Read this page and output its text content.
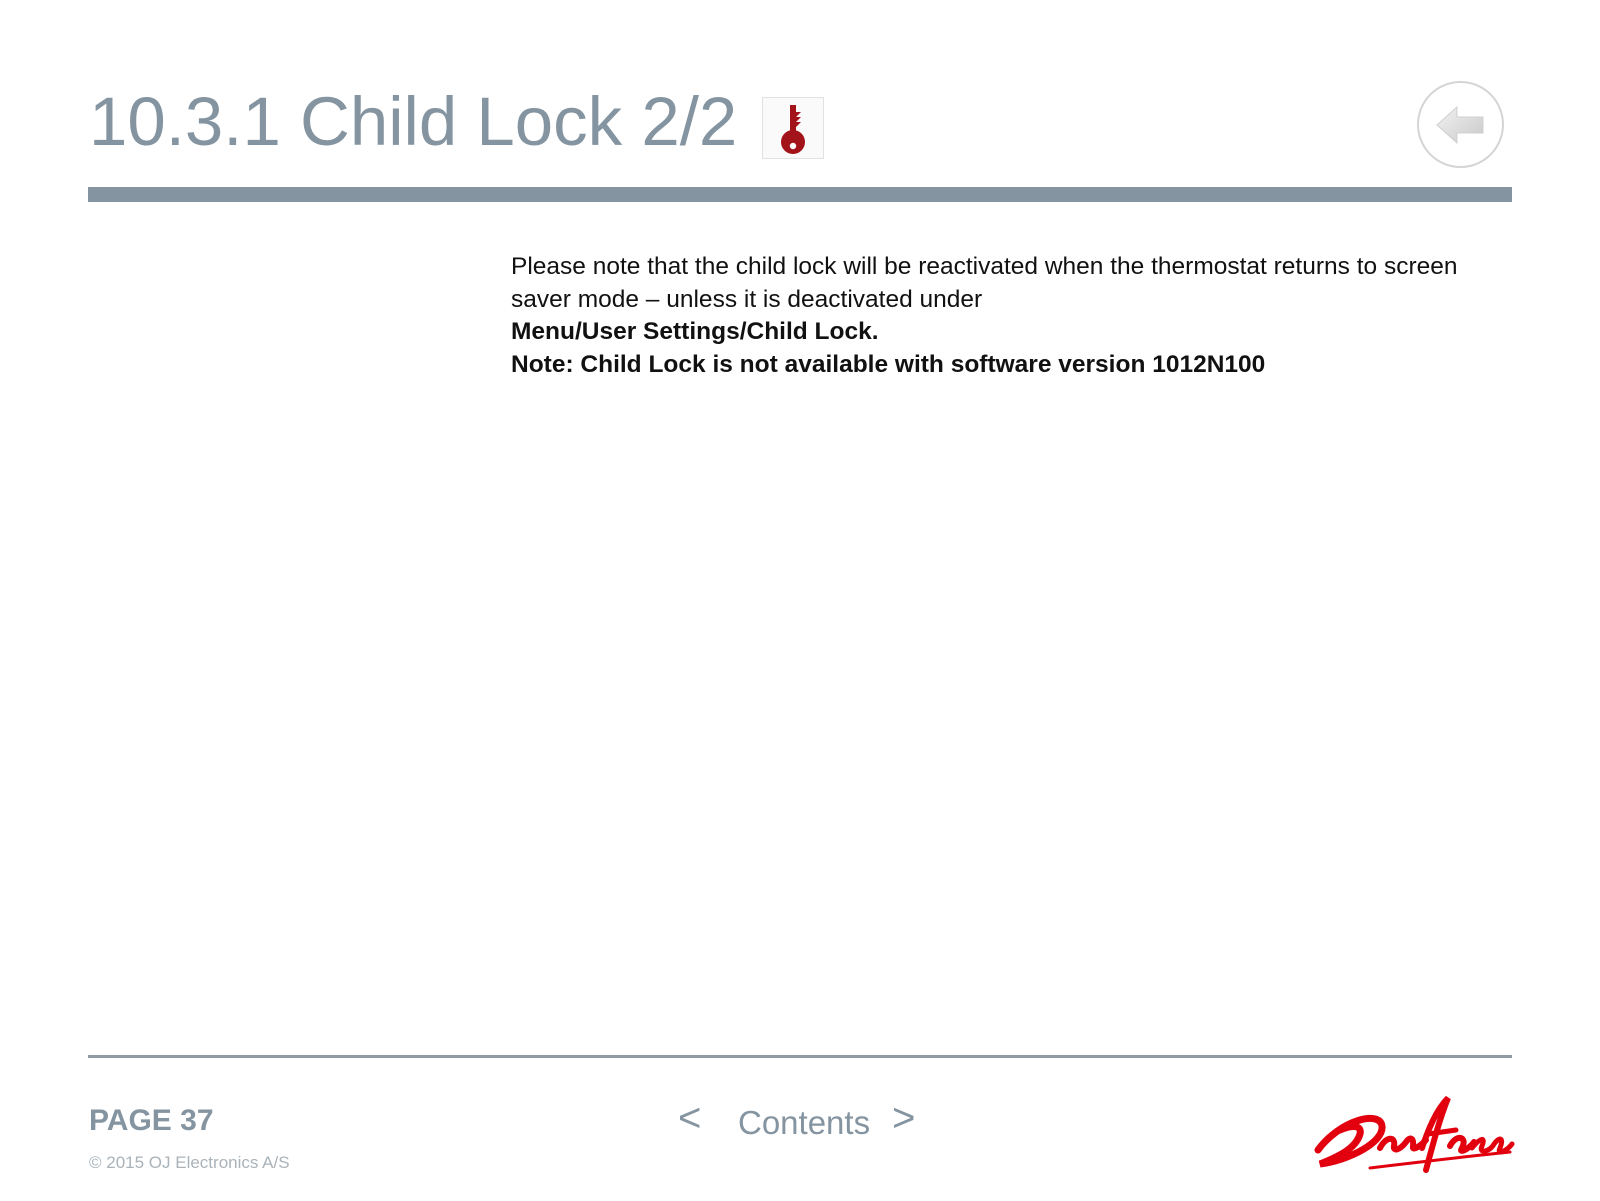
10.3.1 Child Lock 2/2
Please note that the child lock will be reactivated when the thermostat returns to screen saver mode – unless it is deactivated under
Menu/User Settings/Child Lock.
Note: Child Lock is not available with software version 1012N100
PAGE 37
© 2015 OJ Electronics A/S
< Contents >
